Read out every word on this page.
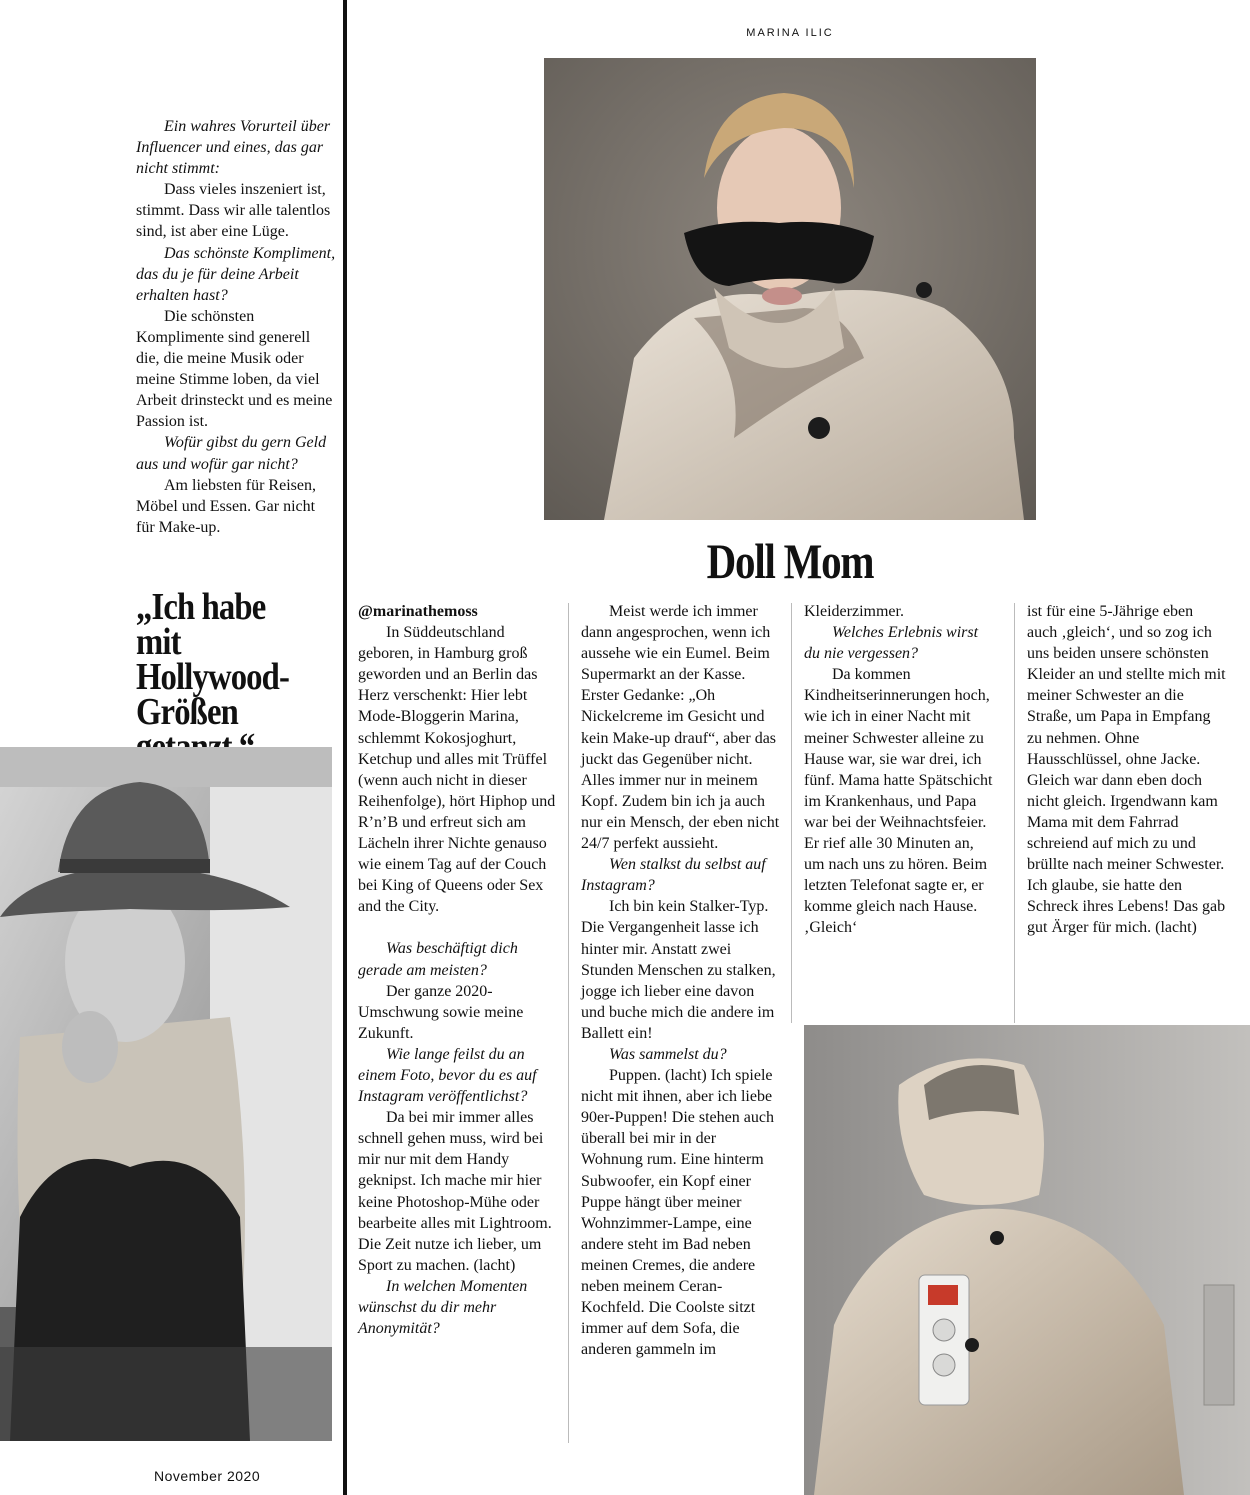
MARINA ILIC
Doll Mom

Ein wahres Vorurteil über Influencer und eines, das gar nicht stimmt:

Dass vieles inszeniert ist, stimmt. Dass wir alle talentlos sind, ist aber eine Lüge.

Das schönste Kompliment, das du je für deine Arbeit erhalten hast?

Die schönsten Komplimente sind generell die, die meine Musik oder meine Stimme loben, da viel Arbeit drinsteckt und es meine Passion ist.

Wofür gibst du gern Geld aus und wofür gar nicht?

Am liebsten für Reisen, Möbel und Essen. Gar nicht für Make-up.

„Ich habe mit Hollywood-Größen

@marinathemoss

In Süddeutschland geboren, in Hamburg groß geworden und an Berlin das Herz verschenkt: Hier lebt Mode-Bloggerin Marina, schlemmt Kokosjoghurt, Ketchup und alles mit Trüffel (wenn auch nicht in dieser Reihenfolge), hört Hiphop und R’n’B und erfreut sich am Lächeln ihrer Nichte genauso wie einem Tag auf der Couch bei King of Queens oder Sex and the City.

Was beschäftigt dich gerade am meisten?

Der ganze 2020-Umschwung sowie meine Zukunft.

Wie lange feilst du an einem Foto, bevor du es auf Instagram veröffentlichst?

Da bei mir immer alles schnell gehen muss, wird bei mir nur mit dem Handy geknipst. Ich mache mir hier keine Photoshop-Mühe oder bearbeite alles mit Lightroom. Die Zeit nutze ich lieber, um Sport zu machen. (lacht)

In welchen Momenten wünschst du dir mehr Anonymität?

Meist werde ich immer dann angesprochen, wenn ich aussehe wie ein Eumel. Beim Supermarkt an der Kasse. Erster Gedanke: „Oh Nickelcreme im Gesicht und kein Make-up drauf“, aber das juckt das Gegenüber nicht. Alles immer nur in meinem Kopf. Zudem bin ich ja auch nur ein Mensch, der eben nicht 24/7 perfekt aussieht.

Wen stalkst du selbst auf Instagram?

Ich bin kein Stalker-Typ. Die Vergangenheit lasse ich hinter mir. Anstatt zwei Stunden Menschen zu stalken, jogge ich lieber eine davon und buche mich die andere im Ballett ein!

Was sammelst du?

Puppen. (lacht) Ich spiele nicht mit ihnen, aber ich liebe 90er-Puppen! Die stehen auch überall bei mir in der Wohnung rum. Eine hinterm Subwoofer, ein Kopf einer Puppe hängt über meiner Wohnzimmer-Lampe, eine andere steht im Bad neben meinen Cremes, die andere neben meinem Ceran-Kochfeld. Die Coolste sitzt immer auf dem Sofa, die anderen gammeln im

Kleiderzimmer.

Welches Erlebnis wirst du nie vergessen?

Da kommen Kindheitserinnerungen hoch, wie ich in einer Nacht mit meiner Schwester alleine zu Hause war, sie war drei, ich fünf. Mama hatte Spätschicht im Krankenhaus, und Papa war bei der Weihnachtsfeier. Er rief alle 30 Minuten an, um nach uns zu hören. Beim letzten Telefonat sagte er, er komme gleich nach Hause. ‚Gleich‘

ist für eine 5-Jährige eben auch ‚gleich‘, und so zog ich uns beiden unsere schönsten Kleider an und stellte mich mit meiner Schwester an die Straße, um Papa in Empfang zu nehmen. Ohne Hausschlüssel, ohne Jacke. Gleich war dann eben doch nicht gleich. Irgendwann kam Mama mit dem Fahrrad schreiend auf mich zu und brüllte nach meiner Schwester. Ich glaube, sie hatte den Schreck ihres Lebens! Das gab gut Ärger für mich. (lacht)

November 2020
